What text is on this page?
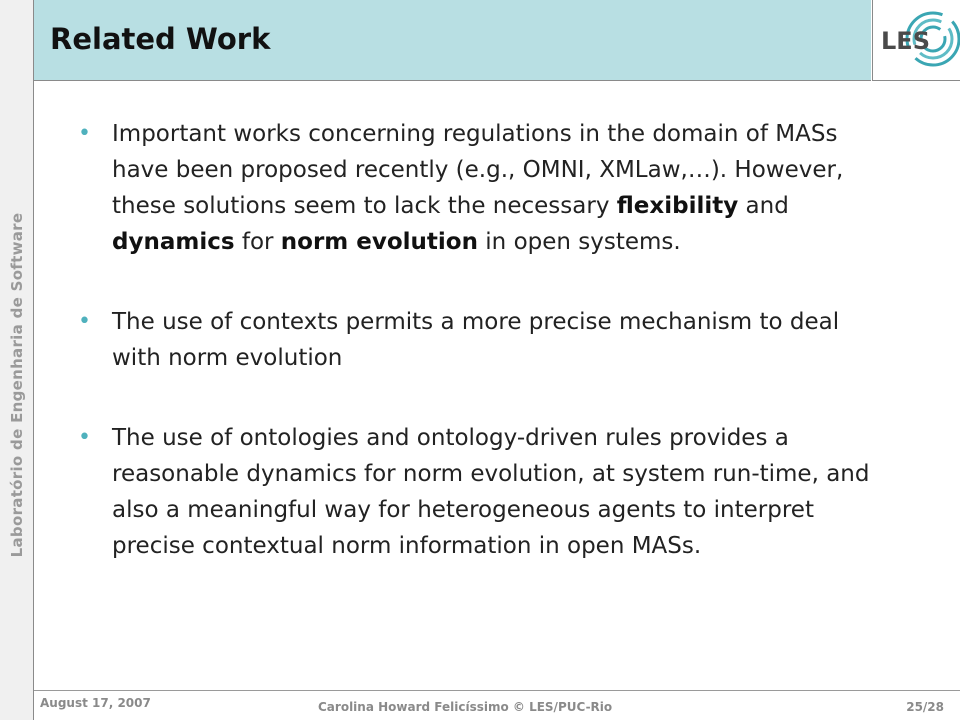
Laboratório de Engenharia de Software
Related Work	LES
• Important works concerning regulations in the domain of MASs have been proposed recently (e.g., OMNI, XMLaw,…). However, these solutions seem to lack the necessary flexibility and dynamics for norm evolution in open systems.
• The use of contexts permits a more precise mechanism to deal with norm evolution
• The use of ontologies and ontology-driven rules provides a reasonable dynamics for norm evolution, at system run-time, and also a meaningful way for heterogeneous agents to interpret precise contextual norm information in open MASs.
August 17, 2007	Carolina Howard Felicíssimo © LES/PUC-Rio	25/28
